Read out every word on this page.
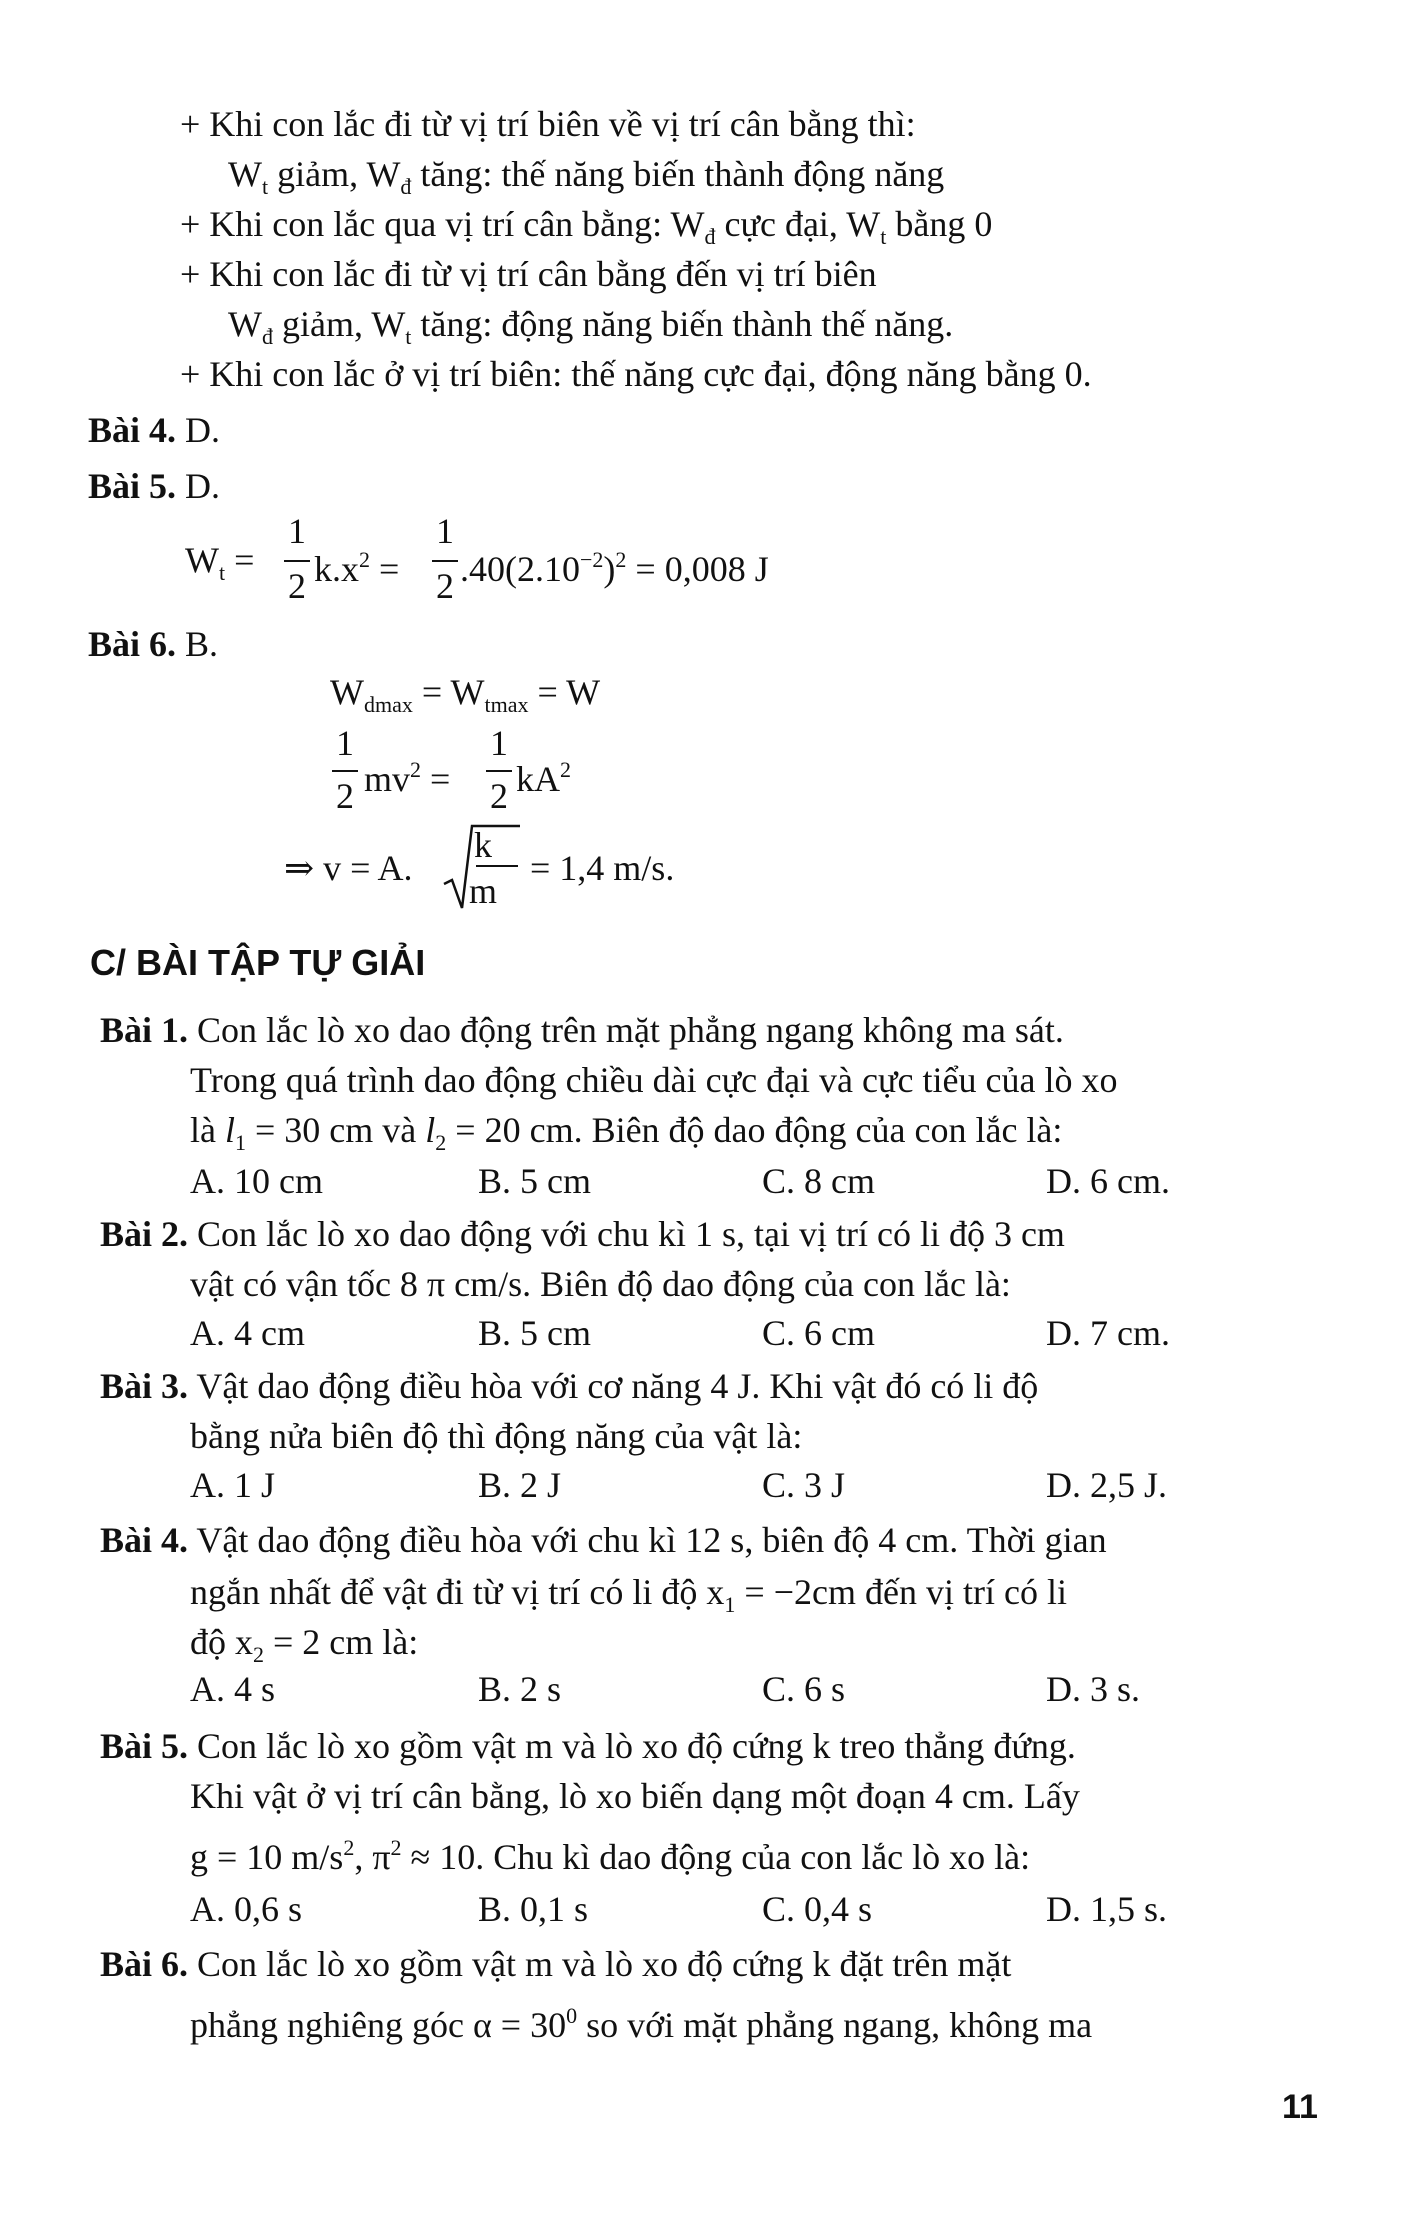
+ Khi con lắc đi từ vị trí biên về vị trí cân bằng thì:
$W_t$ giảm, $W_đ$ tăng: thế năng biến thành động năng
+ Khi con lắc qua vị trí cân bằng: $W_đ$ cực đại, $W_t$ bằng 0
+ Khi con lắc đi từ vị trí cân bằng đến vị trí biên
$W_đ$ giảm, $W_t$ tăng: động năng biến thành thế năng.
+ Khi con lắc ở vị trí biên: thế năng cực đại, động năng bằng 0.
Bài 4. D.
Bài 5. D.
$W_t$ =
1
2 $k.x^2$ =
1
2 $.40(2.10^{-2})^2 = 0,008$ J
Bài 6. B.
$W_{dmax} = W_{tmax} = W$
1
2 $mv^2$ =
1
2 $kA^2$
⇒ v = A.
k
m
= 1,4 m/s.
C/ BÀI TẬP TỰ GIẢI
Bài 1. Con lắc lò xo dao động trên mặt phẳng ngang không ma sát.
Trong quá trình dao động chiều dài cực đại và cực tiểu của lò xo
là $l_1 = 30$ cm và $l_2 = 20$ cm. Biên độ dao động của con lắc là:
A. 10 cm	B. 5 cm	C. 8 cm	D. 6 cm.
Bài 2. Con lắc lò xo dao động với chu kì 1 s, tại vị trí có li độ 3 cm
vật có vận tốc 8 π cm/s. Biên độ dao động của con lắc là:
A. 4 cm	B. 5 cm	C. 6 cm	D. 7 cm.
Bài 3. Vật dao động điều hòa với cơ năng 4 J. Khi vật đó có li độ
bằng nửa biên độ thì động năng của vật là:
A. 1 J	B. 2 J	C. 3 J	D. 2,5 J.
Bài 4. Vật dao động điều hòa với chu kì 12 s, biên độ 4 cm. Thời gian
ngắn nhất để vật đi từ vị trí có li độ $x_1 = -2cm$ đến vị trí có li
độ $x_2 = 2$ cm là:
A. 4 s	B. 2 s	C. 6 s	D. 3 s.
Bài 5. Con lắc lò xo gồm vật m và lò xo độ cứng k treo thẳng đứng.
Khi vật ở vị trí cân bằng, lò xo biến dạng một đoạn 4 cm. Lấy
g = 10 $m/s^2$, $\pi^2 \approx 10$. Chu kì dao động của con lắc lò xo là:
A. 0,6 s	B. 0,1 s	C. 0,4 s	D. 1,5 s.
Bài 6. Con lắc lò xo gồm vật m và lò xo độ cứng k đặt trên mặt
phẳng nghiêng góc $\alpha = 30^0$ so với mặt phẳng ngang, không ma
11
